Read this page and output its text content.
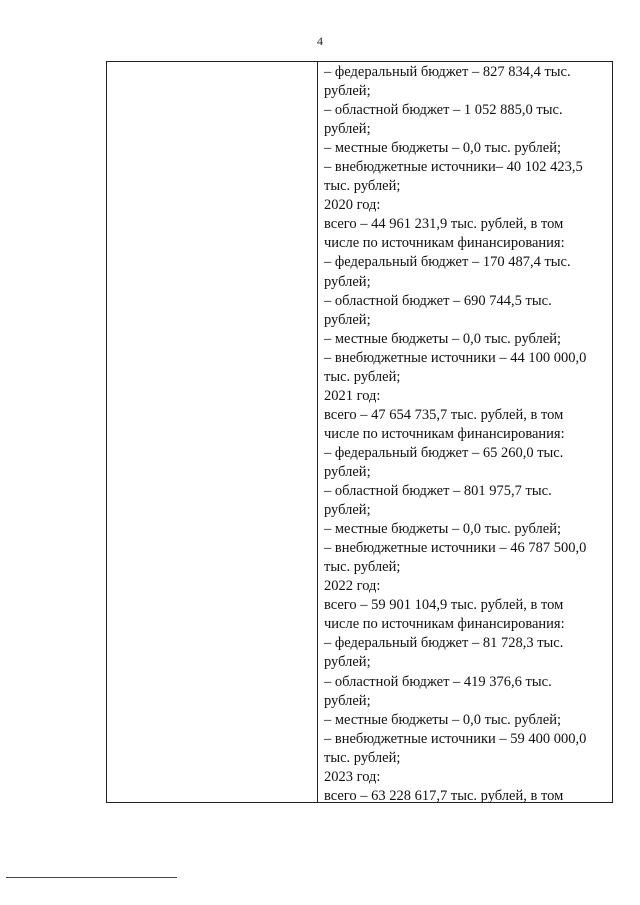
4
– федеральный бюджет – 827 834,4 тыс.
рублей;
– областной бюджет – 1 052 885,0 тыс.
рублей;
– местные бюджеты – 0,0 тыс. рублей;
– внебюджетные источники– 40 102 423,5
тыс. рублей;
2020 год:
всего – 44 961 231,9 тыс. рублей, в том
числе по источникам финансирования:
– федеральный бюджет – 170 487,4 тыс.
рублей;
– областной бюджет – 690 744,5 тыс.
рублей;
– местные бюджеты – 0,0 тыс. рублей;
– внебюджетные источники – 44 100 000,0
тыс. рублей;
2021 год:
всего – 47 654 735,7 тыс. рублей, в том
числе по источникам финансирования:
– федеральный бюджет – 65 260,0 тыс.
рублей;
– областной бюджет – 801 975,7 тыс.
рублей;
– местные бюджеты – 0,0 тыс. рублей;
– внебюджетные источники – 46 787 500,0
тыс. рублей;
2022 год:
всего – 59 901 104,9 тыс. рублей, в том
числе по источникам финансирования:
– федеральный бюджет – 81 728,3 тыс.
рублей;
– областной бюджет – 419 376,6 тыс.
рублей;
– местные бюджеты – 0,0 тыс. рублей;
– внебюджетные источники – 59 400 000,0
тыс. рублей;
2023 год:
всего – 63 228 617,7 тыс. рублей, в том
